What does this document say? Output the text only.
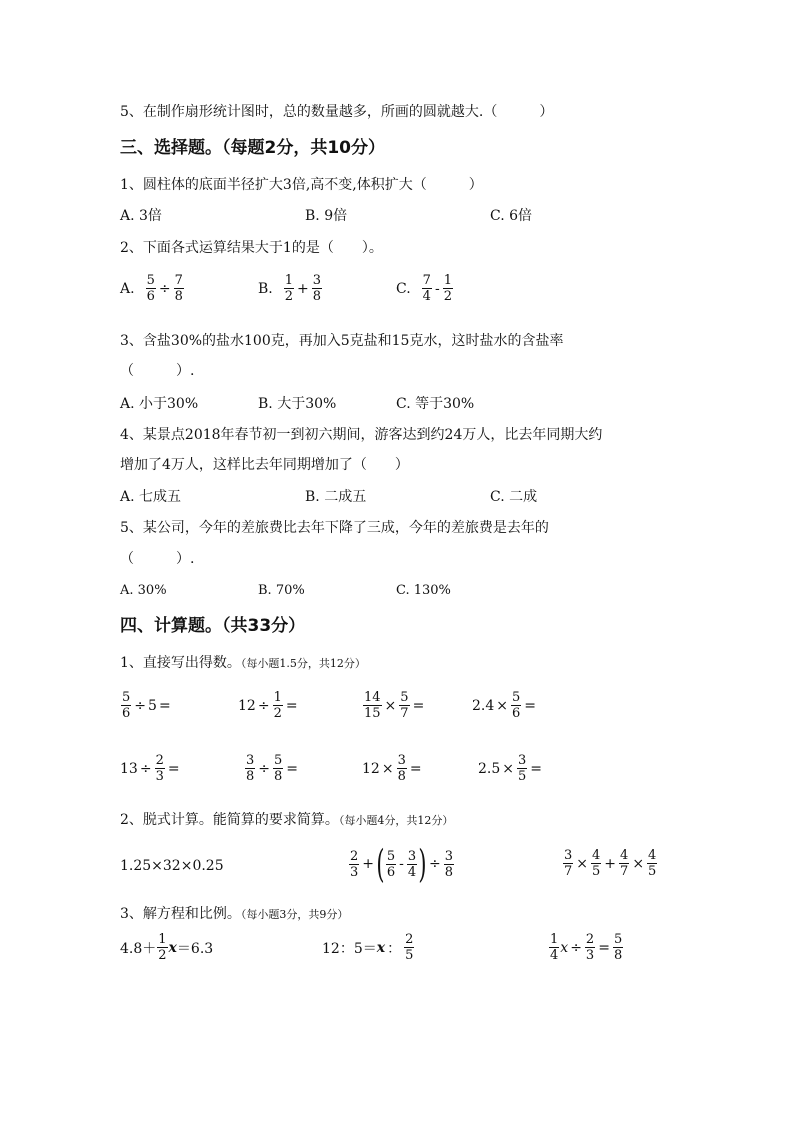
5、在制作扇形统计图时，总的数量越多，所画的圆就越大.（　　　）
三、选择题。（每题2分，共10分）
1、圆柱体的底面半径扩大3倍,高不变,体积扩大（　　　）
A. 3倍	B. 9倍	C. 6倍
2、下面各式运算结果大于1的是（　　）。
A. $\frac{5}{6} \div \frac{7}{8}$	B. $\frac{1}{2} + \frac{3}{8}$	C. $\frac{7}{4} - \frac{1}{2}$
3、含盐30%的盐水100克，再加入5克盐和15克水，这时盐水的含盐率
（　　　）.
A. 小于30%	B. 大于30%	C. 等于30%
4、某景点2018年春节初一到初六期间，游客达到约24万人，比去年同期大约
增加了4万人，这样比去年同期增加了（　　）
A. 七成五	B. 二成五	C. 二成
5、某公司，今年的差旅费比去年下降了三成，今年的差旅费是去年的
（　　　）.
A. 30%	B. 70%	C. 130%
四、计算题。（共33分）
1、直接写出得数。（每小题1.5分，共12分）
$\frac{5}{6} \div 5$ =	$12 \div \frac{1}{2}$ =	$\frac{14}{15} \times \frac{5}{7}$ =	$2.4 \times \frac{5}{6}$ =
$13 \div \frac{2}{3}$ =	$\frac{3}{8} \div \frac{5}{8}$ =	$12 \times \frac{3}{8}$ =	$2.5 \times \frac{3}{5}$ =
2、脱式计算。能简算的要求简算。（每小题4分，共12分）
1.25×32×0.25	$\frac{2}{3}$ + ( $\frac{5}{6} - \frac{3}{4}$ ) ÷ $\frac{3}{8}$	$\frac{3}{7} \times \frac{4}{5} + \frac{4}{7} \times \frac{4}{5}$
3、解方程和比例。（每小题3分，共9分）
$4.8+ \frac{1}{2}$ x ＝6.3	12：5＝ x ： $\frac{2}{5}$	$\frac{1}{4}$ $x \div \frac{2}{3} = \frac{5}{8}$
